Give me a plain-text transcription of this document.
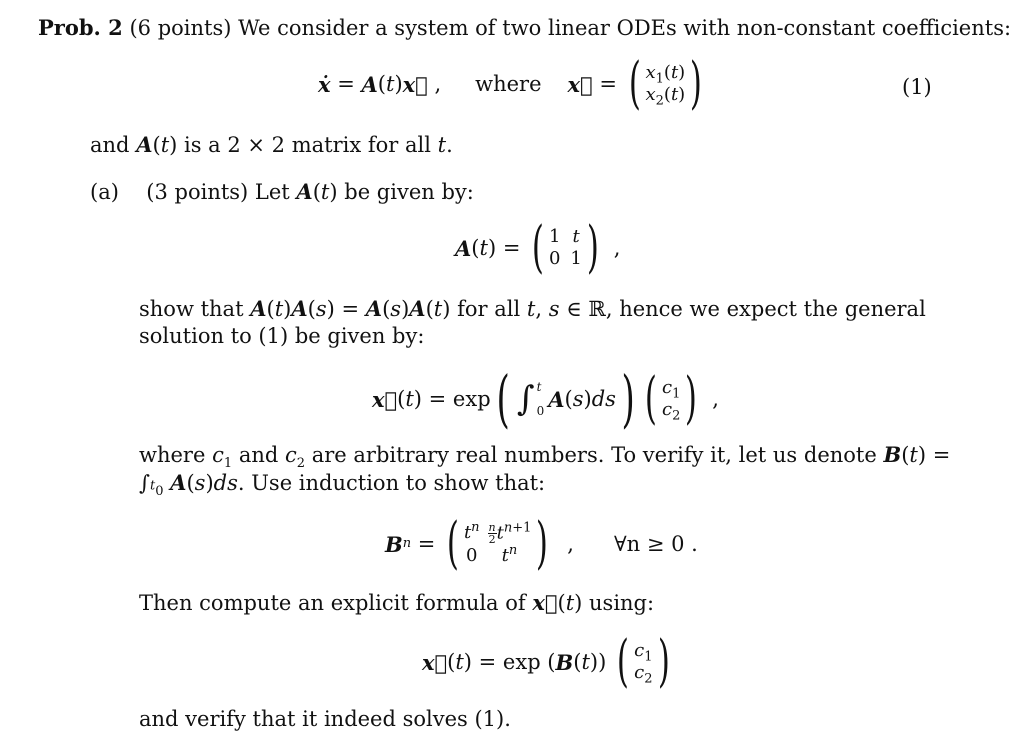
Prob. 2 (6 points) We consider a system of two linear ODEs with non-constant coefficients:
ẋ = A ( t ) x⃗ , where x⃗ = ( $x_1(t)$
$x_2(t)$ )	(1)
and A(t) is a 2 × 2 matrix for all t.
(a) (3 points) Let A(t) be given by:
A ( t ) = ( 1 t
0 1 ) ,
show that A(t)A(s) = A(s)A(t) for all t, s ∈ ℝ, hence we expect the general
solution to (1) be given by:
x⃗ ( t ) = exp ( ∫ t
0 A ( s ) ds ) ( $c_1$
$c_2$ ) ,
where $c_1$ and $c_2$ are arbitrary real numbers. To verify it, let us denote B(t) =
$\int_{^t0}$ A(s)ds. Use induction to show that:
B n = ( $t^n \frac{n}{2} t^{n+1}$
0	$t^n$ ) , ∀n ≥ 0 .
Then compute an explicit formula of x⃗(t) using:
x⃗ ( t ) = exp ( B ( t )) ( $c_1$
$c_2$ )
and verify that it indeed solves (1).
